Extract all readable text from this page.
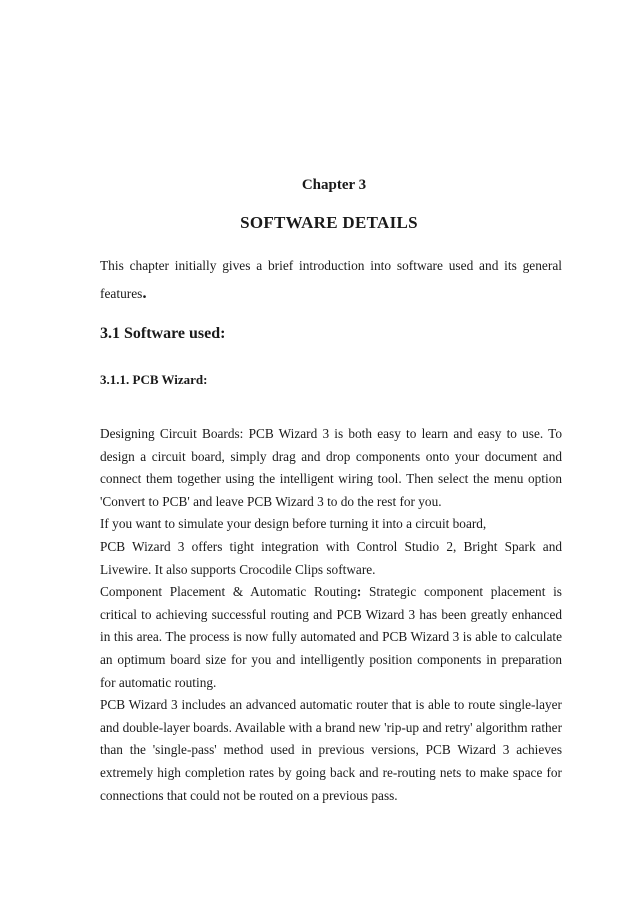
Chapter 3
SOFTWARE DETAILS

This chapter initially gives a brief introduction into software used and its general features.

3.1 Software used:
3.1.1. PCB Wizard:

Designing Circuit Boards: PCB Wizard 3 is both easy to learn and easy to use. To design a circuit board, simply drag and drop components onto your document and connect them together using the intelligent wiring tool. Then select the menu option 'Convert to PCB' and leave PCB Wizard 3 to do the rest for you.

If you want to simulate your design before turning it into a circuit board,

PCB Wizard 3 offers tight integration with Control Studio 2, Bright Spark and Livewire. It also supports Crocodile Clips software.

Component Placement & Automatic Routing: Strategic component placement is critical to achieving successful routing and PCB Wizard 3 has been greatly enhanced in this area. The process is now fully automated and PCB Wizard 3 is able to calculate an optimum board size for you and intelligently position components in preparation for automatic routing.

PCB Wizard 3 includes an advanced automatic router that is able to route single-layer and double-layer boards. Available with a brand new 'rip-up and retry' algorithm rather than the 'single-pass' method used in previous versions, PCB Wizard 3 achieves extremely high completion rates by going back and re-routing nets to make space for connections that could not be routed on a previous pass.
